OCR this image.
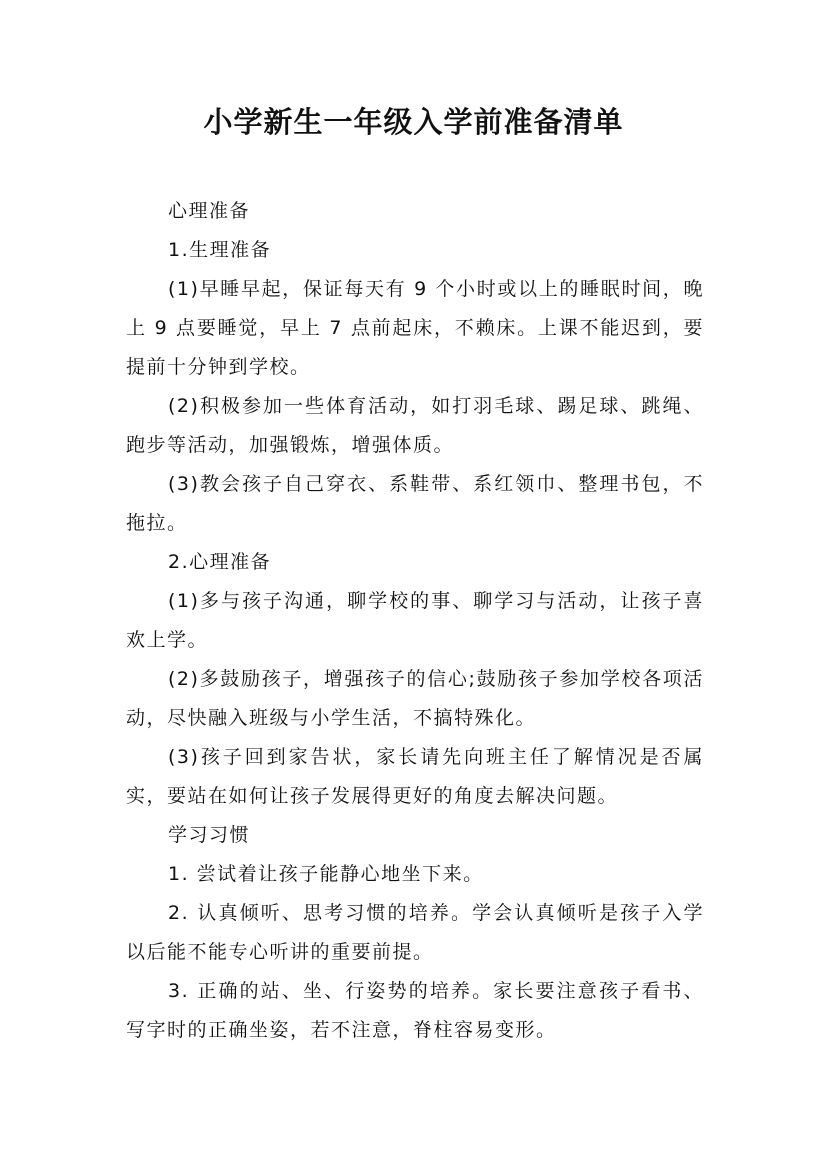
小学新生一年级入学前准备清单

心理准备

1.生理准备

(1)早睡早起，保证每天有 9 个小时或以上的睡眠时间，晚上 9 点要睡觉，早上 7 点前起床，不赖床。上课不能迟到，要提前十分钟到学校。

(2)积极参加一些体育活动，如打羽毛球、踢足球、跳绳、跑步等活动，加强锻炼，增强体质。

(3)教会孩子自己穿衣、系鞋带、系红领巾、整理书包，不拖拉。

2.心理准备

(1)多与孩子沟通，聊学校的事、聊学习与活动，让孩子喜欢上学。

(2)多鼓励孩子，增强孩子的信心;鼓励孩子参加学校各项活动，尽快融入班级与小学生活，不搞特殊化。

(3)孩子回到家告状，家长请先向班主任了解情况是否属实，要站在如何让孩子发展得更好的角度去解决问题。

学习习惯

1. 尝试着让孩子能静心地坐下来。

2. 认真倾听、思考习惯的培养。学会认真倾听是孩子入学以后能不能专心听讲的重要前提。

3. 正确的站、坐、行姿势的培养。家长要注意孩子看书、写字时的正确坐姿，若不注意，脊柱容易变形。
